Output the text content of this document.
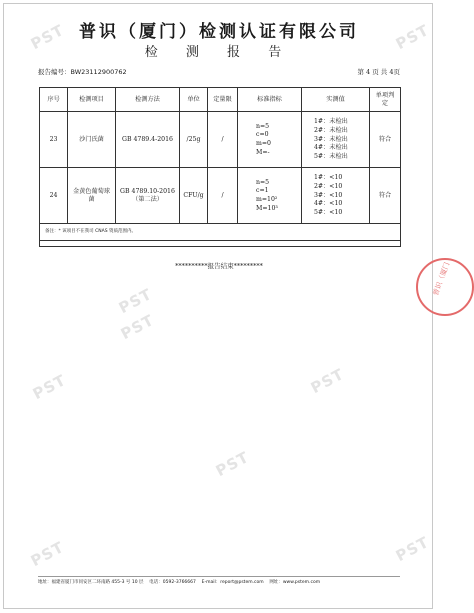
PST	PST
PST
PST
PST
PST
PST	PST
PST
普识（厦门）检测认证有限公司
检 测 报 告
报告编号：BW23112900762	第 4 页 共 4页
序号	检测项目	检测方法	单位	定量限	标准指标	实测值	单项判定
23	沙门氏菌	GB 4789.4-2016	/25g	/	n=5
c=0
m=0
M=-	1#：未检出
2#：未检出
3#：未检出
4#：未检出
5#：未检出	符合
24	金黄色葡萄球菌	GB 4789.10-2016（第二法）	CFU/g	/	n=5
c=1
m=10²
M=10³	1#：<10
2#：<10
3#：<10
4#：<10
5#：<10	符合
备注：* 该项目不在我司 CNAS 资质范围内。							

**********报告结束*********	普识（厦门
地址：福建省厦门市同安区二环南路 455-3 号 10 层 电话：0592-3766667 E-mail：report@pstem.com 网址：www.pstem.com
